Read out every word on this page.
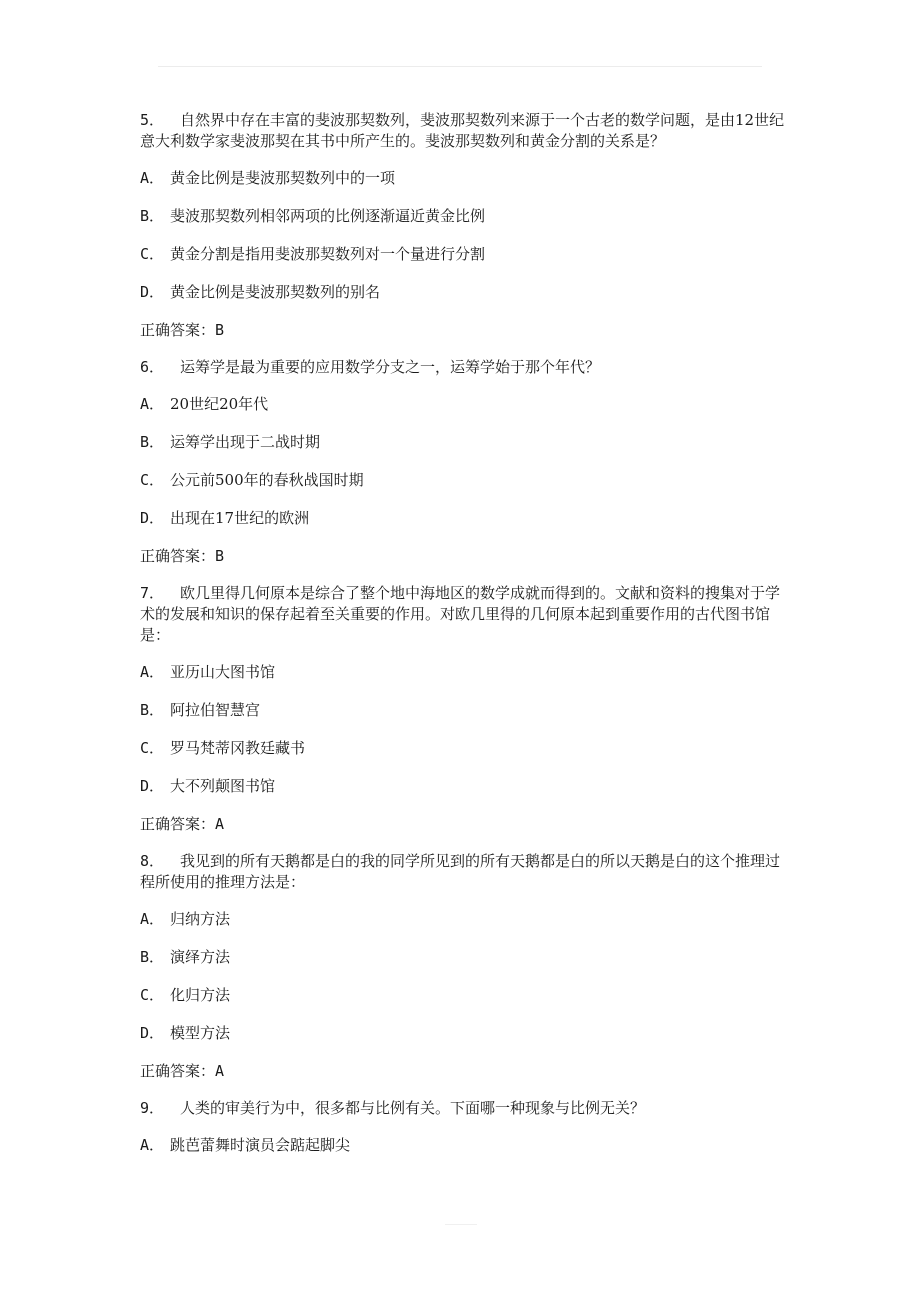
5． 自然界中存在丰富的斐波那契数列，斐波那契数列来源于一个古老的数学问题，是由12世纪意大利数学家斐波那契在其书中所产生的。斐波那契数列和黄金分割的关系是？
A． 黄金比例是斐波那契数列中的一项
B． 斐波那契数列相邻两项的比例逐渐逼近黄金比例
C． 黄金分割是指用斐波那契数列对一个量进行分割
D． 黄金比例是斐波那契数列的别名
正确答案：B
6． 运筹学是最为重要的应用数学分支之一，运筹学始于那个年代？
A． 20世纪20年代
B． 运筹学出现于二战时期
C． 公元前500年的春秋战国时期
D． 出现在17世纪的欧洲
正确答案：B
7． 欧几里得几何原本是综合了整个地中海地区的数学成就而得到的。文献和资料的搜集对于学术的发展和知识的保存起着至关重要的作用。对欧几里得的几何原本起到重要作用的古代图书馆是：
A． 亚历山大图书馆
B． 阿拉伯智慧宫
C． 罗马梵蒂冈教廷藏书
D． 大不列颠图书馆
正确答案：A
8． 我见到的所有天鹅都是白的我的同学所见到的所有天鹅都是白的所以天鹅是白的这个推理过程所使用的推理方法是：
A． 归纳方法
B． 演绎方法
C． 化归方法
D． 模型方法
正确答案：A
9． 人类的审美行为中，很多都与比例有关。下面哪一种现象与比例无关？
A． 跳芭蕾舞时演员会踮起脚尖
